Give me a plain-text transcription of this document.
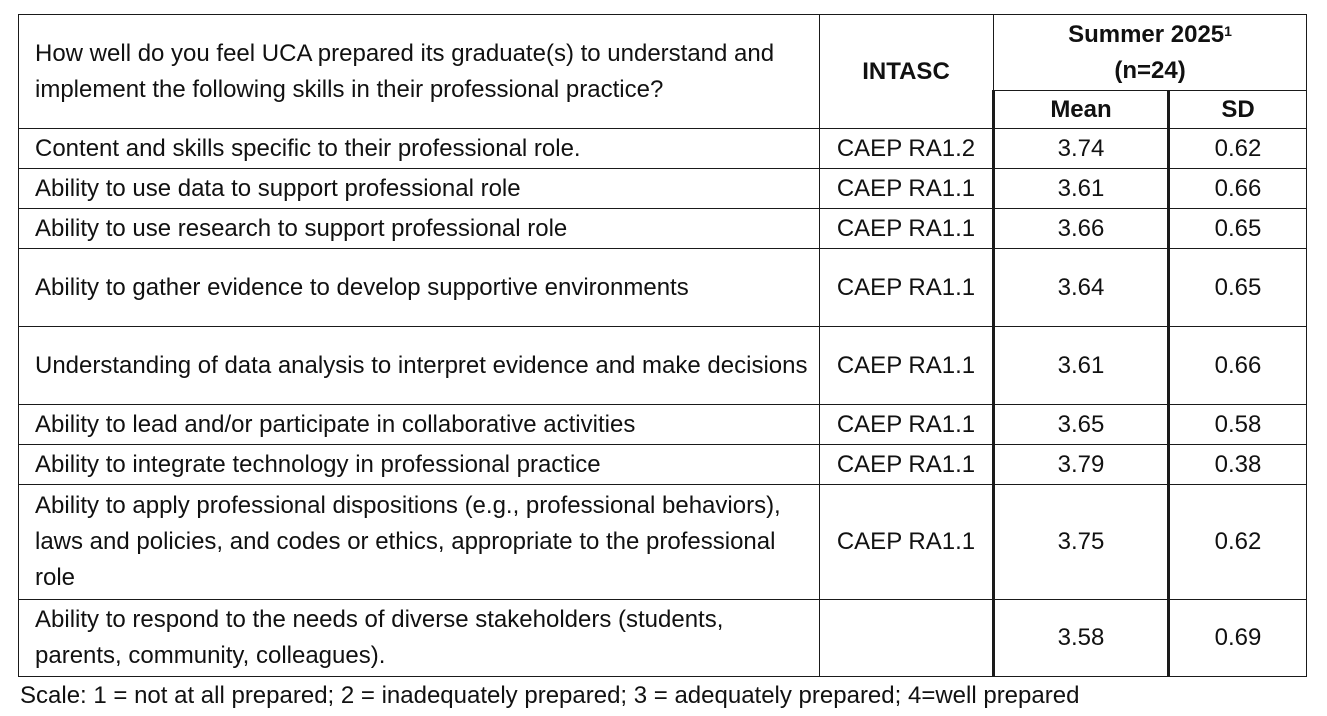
How well do you feel UCA prepared its graduate(s) to understand and implement the following skills in their professional practice?	INTASC	Summer 2025$^1$
(n=24)	
		Mean	SD
Content and skills specific to their professional role.	CAEP RA1.2	3.74	0.62
Ability to use data to support professional role	CAEP RA1.1	3.61	0.66
Ability to use research to support professional role	CAEP RA1.1	3.66	0.65
Ability to gather evidence to develop supportive environments	CAEP RA1.1	3.64	0.65
Understanding of data analysis to interpret evidence and make decisions	CAEP RA1.1	3.61	0.66
Ability to lead and/or participate in collaborative activities	CAEP RA1.1	3.65	0.58
Ability to integrate technology in professional practice	CAEP RA1.1	3.79	0.38
Ability to apply professional dispositions (e.g., professional behaviors), laws and policies, and codes or ethics, appropriate to the professional role	CAEP RA1.1	3.75	0.62
Ability to respond to the needs of diverse stakeholders (students, parents, community, colleagues).		3.58	0.69
Scale: 1 = not at all prepared; 2 = inadequately prepared; 3 = adequately prepared; 4=well prepared
